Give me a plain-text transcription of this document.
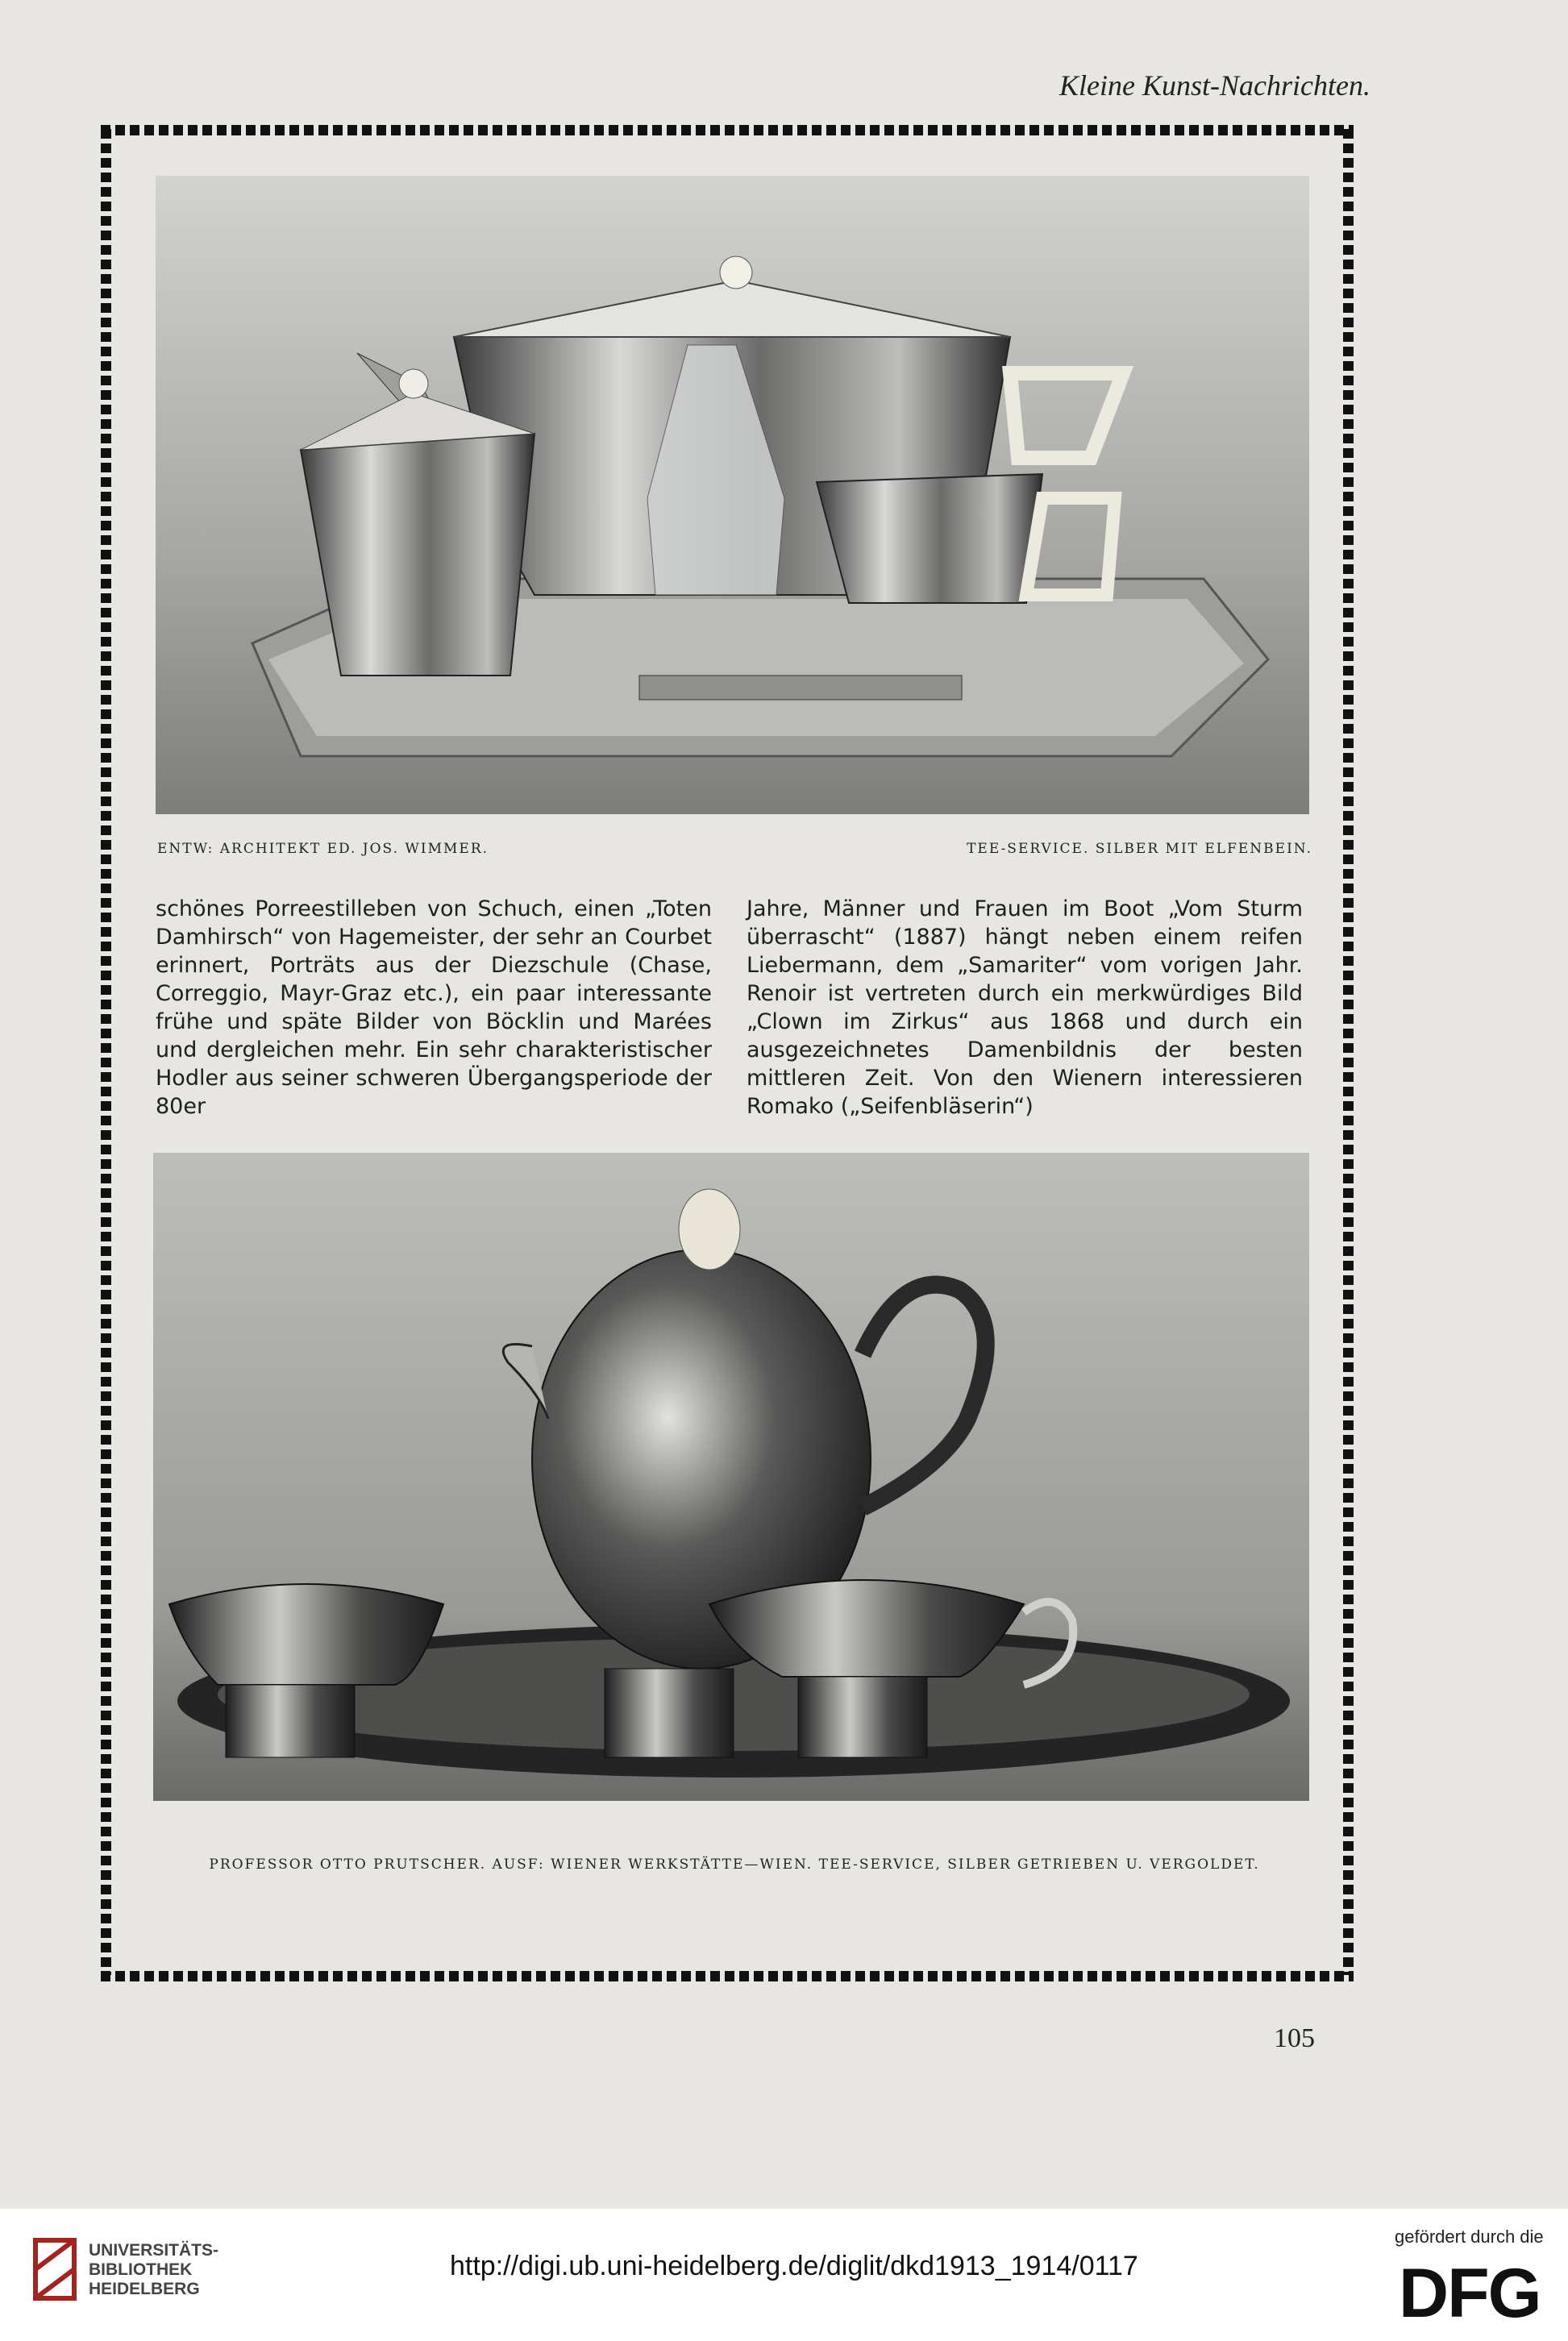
Kleine Kunst-Nachrichten.
ENTW: ARCHITEKT ED. JOS. WIMMER.	TEE-SERVICE. SILBER MIT ELFENBEIN.

schönes Porreestilleben von Schuch, einen „Toten Damhirsch“ von Hagemeister, der sehr an Courbet erinnert, Porträts aus der Diezschule (Chase, Correggio, Mayr-Graz etc.), ein paar interessante frühe und späte Bilder von Böcklin und Marées und dergleichen mehr. Ein sehr charakteristischer Hodler aus seiner schweren Übergangsperiode der 80er

Jahre, Männer und Frauen im Boot „Vom Sturm überrascht“ (1887) hängt neben einem reifen Liebermann, dem „Samariter“ vom vorigen Jahr. Renoir ist vertreten durch ein merkwürdiges Bild „Clown im Zirkus“ aus 1868 und durch ein ausgezeichnetes Damenbildnis der besten mittleren Zeit. Von den Wienern interessieren Romako („Seifenbläserin“)

PROFESSOR OTTO PRUTSCHER. AUSF: WIENER WERKSTÄTTE—WIEN. TEE-SERVICE, SILBER GETRIEBEN U. VERGOLDET.
105
UNIVERSITÄTS-
BIBLIOTHEK
HEIDELBERG
http://digi.ub.uni-heidelberg.de/diglit/dkd1913_1914/0117
gefördert durch die
DFG
